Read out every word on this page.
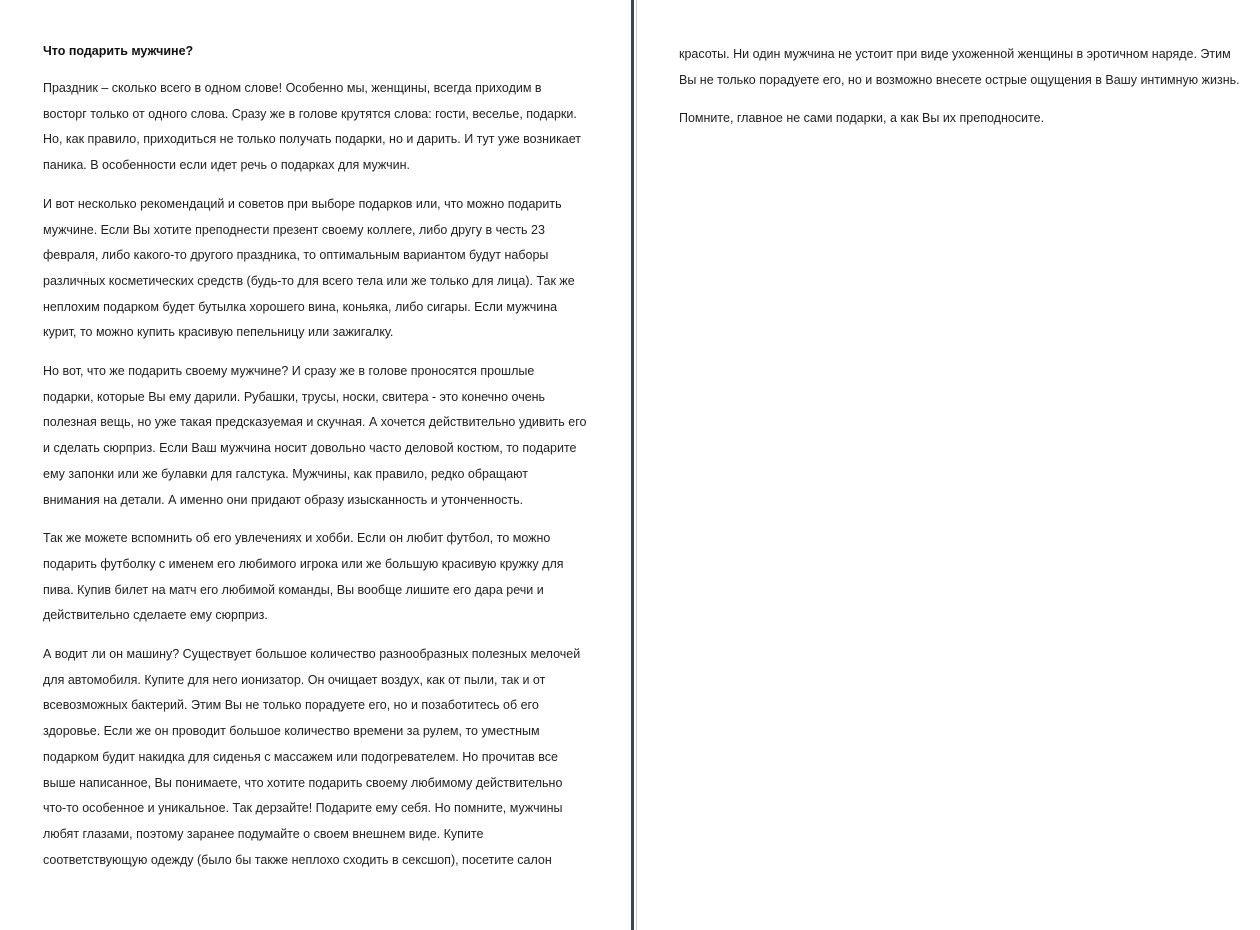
Что подарить мужчине?

Праздник – сколько всего в одном слове! Особенно мы, женщины, всегда приходим в восторг только от одного слова. Сразу же в голове крутятся слова: гости, веселье, подарки. Но, как правило, приходиться не только получать подарки, но и дарить. И тут уже возникает паника. В особенности если идет речь о подарках для мужчин.

И вот несколько рекомендаций и советов при выборе подарков или, что можно подарить мужчине. Если Вы хотите преподнести презент своему коллеге, либо другу в честь 23 февраля, либо какого-то другого праздника, то оптимальным вариантом будут наборы различных косметических средств (будь-то для всего тела или же только для лица). Так же неплохим подарком будет бутылка хорошего вина, коньяка, либо сигары. Если мужчина курит, то можно купить красивую пепельницу или зажигалку.

Но вот, что же подарить своему мужчине? И сразу же в голове проносятся прошлые подарки, которые Вы ему дарили. Рубашки, трусы, носки, свитера - это конечно очень полезная вещь, но уже такая предсказуемая и скучная. А хочется действительно удивить его и сделать сюрприз. Если Ваш мужчина носит довольно часто деловой костюм, то подарите ему запонки или же булавки для галстука. Мужчины, как правило, редко обращают внимания на детали. А именно они придают образу изысканность и утонченность.

Так же можете вспомнить об его увлечениях и хобби. Если он любит футбол, то можно подарить футболку с именем его любимого игрока или же большую красивую кружку для пива. Купив билет на матч его любимой команды, Вы вообще лишите его дара речи и действительно сделаете ему сюрприз.

А водит ли он машину? Существует большое количество разнообразных полезных мелочей для автомобиля. Купите для него ионизатор. Он очищает воздух, как от пыли, так и от всевозможных бактерий. Этим Вы не только порадуете его, но и позаботитесь об его здоровье. Если же он проводит большое количество времени за рулем, то уместным подарком будит накидка для сиденья с массажем или подогревателем. Но прочитав все выше написанное, Вы понимаете, что хотите подарить своему любимому действительно что-то особенное и уникальное. Так дерзайте! Подарите ему себя. Но помните, мужчины любят глазами, поэтому заранее подумайте о своем внешнем виде. Купите соответствующую одежду (было бы также неплохо сходить в сексшоп), посетите салон

красоты. Ни один мужчина не устоит при виде ухоженной женщины в эротичном наряде. Этим Вы не только порадуете его, но и возможно внесете острые ощущения в Вашу интимную жизнь.

Помните, главное не сами подарки, а как Вы их преподносите.
